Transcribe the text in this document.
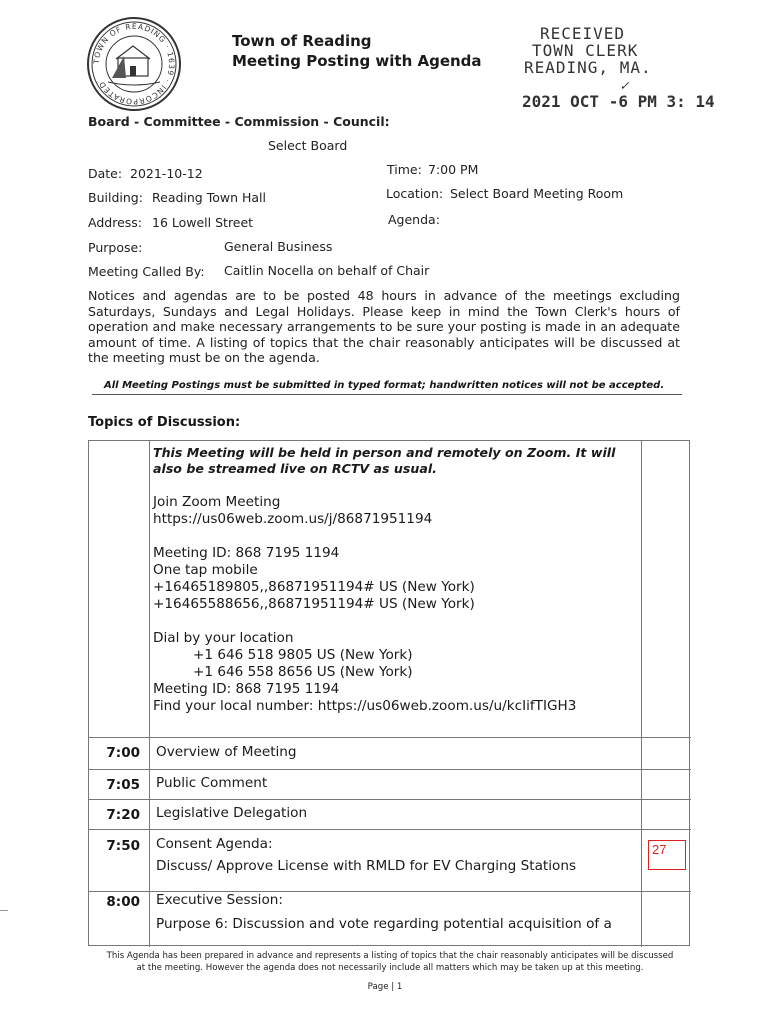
TOWN OF READING · 1639 · INCORPORATED
Town of Reading
Meeting Posting with Agenda
RECEIVED
TOWN CLERK
READING, MA.
✓
2021 OCT -6 PM 3: 14
Board - Committee - Commission - Council:
Select Board
Date: 2021-10-12	Time: 7:00 PM
Building: Reading Town Hall	Location: Select Board Meeting Room
Address: 16 Lowell Street	Agenda:
Purpose:	General Business
Meeting Called By: Caitlin Nocella on behalf of Chair
Notices and agendas are to be posted 48 hours in advance of the meetings excluding Saturdays, Sundays and Legal Holidays. Please keep in mind the Town Clerk's hours of operation and make necessary arrangements to be sure your posting is made in an adequate amount of time. A listing of topics that the chair reasonably anticipates will be discussed at the meeting must be on the agenda.
All Meeting Postings must be submitted in typed format; handwritten notices will not be accepted.
Topics of Discussion:
This Meeting will be held in person and remotely on Zoom. It will
also be streamed live on RCTV as usual.
Join Zoom Meeting
https://us06web.zoom.us/j/86871951194
Meeting ID: 868 7195 1194
One tap mobile
+16465189805,,86871951194# US (New York)
+16465588656,,86871951194# US (New York)
Dial by your location
+1 646 518 9805 US (New York)
+1 646 558 8656 US (New York)
Meeting ID: 868 7195 1194
Find your local number: https://us06web.zoom.us/u/kcIifTIGH3
7:00 Overview of Meeting
7:05 Public Comment
7:20 Legislative Delegation
7:50 Consent Agenda:
Discuss/ Approve License with RMLD for EV Charging Stations
8:00 Executive Session:
Purpose 6: Discussion and vote regarding potential acquisition of a
27
This Agenda has been prepared in advance and represents a listing of topics that the chair reasonably anticipates will be discussed
at the meeting. However the agenda does not necessarily include all matters which may be taken up at this meeting.
Page | 1
